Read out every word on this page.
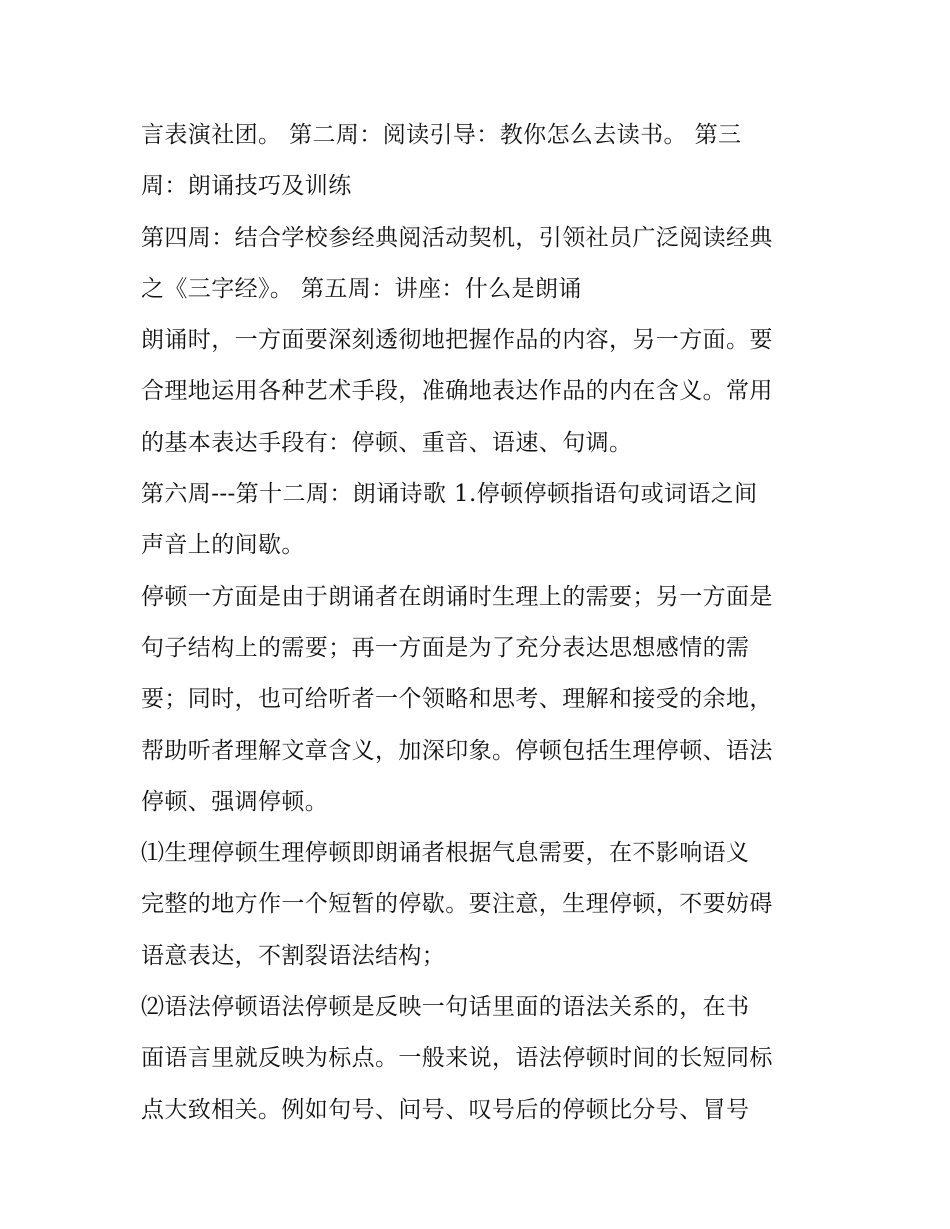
言表演社团。 第二周：阅读引导：教你怎么去读书。 第三
周：朗诵技巧及训练
第四周：结合学校参经典阅活动契机，引领社员广泛阅读经典
之《三字经》。 第五周：讲座：什么是朗诵
朗诵时，一方面要深刻透彻地把握作品的内容，另一方面。要
合理地运用各种艺术手段，准确地表达作品的内在含义。常用
的基本表达手段有：停顿、重音、语速、句调。
第六周---第十二周：朗诵诗歌 1.停顿停顿指语句或词语之间
声音上的间歇。
停顿一方面是由于朗诵者在朗诵时生理上的需要；另一方面是
句子结构上的需要；再一方面是为了充分表达思想感情的需
要；同时，也可给听者一个领略和思考、理解和接受的余地，
帮助听者理解文章含义，加深印象。停顿包括生理停顿、语法
停顿、强调停顿。
⑴生理停顿生理停顿即朗诵者根据气息需要，在不影响语义
完整的地方作一个短暂的停歇。要注意，生理停顿，不要妨碍
语意表达，不割裂语法结构；
⑵语法停顿语法停顿是反映一句话里面的语法关系的，在书
面语言里就反映为标点。一般来说，语法停顿时间的长短同标
点大致相关。例如句号、问号、叹号后的停顿比分号、冒号
